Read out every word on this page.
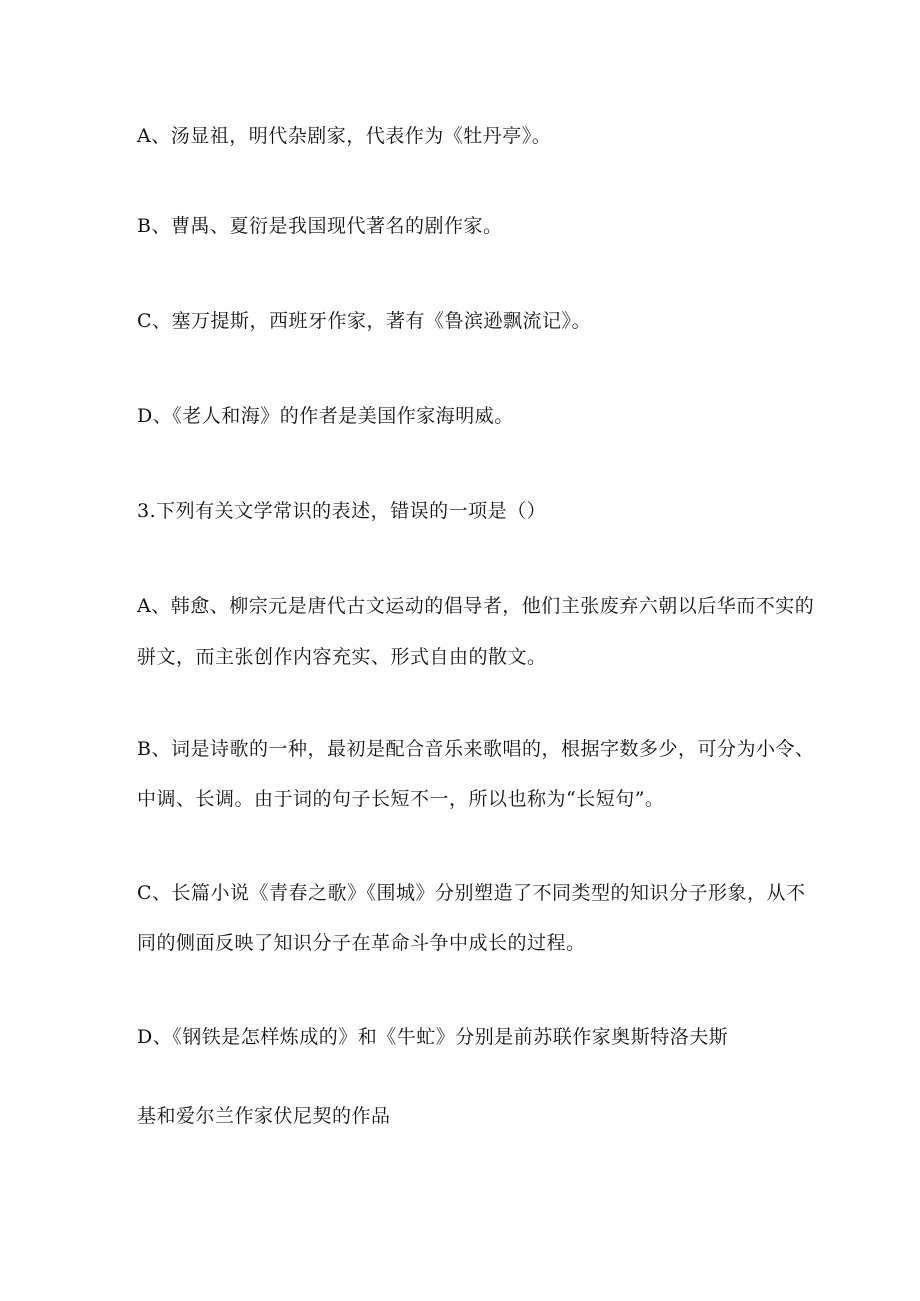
A、汤显祖，明代杂剧家，代表作为《牡丹亭》。
B、曹禺、夏衍是我国现代著名的剧作家。
C、塞万提斯，西班牙作家，著有《鲁滨逊飘流记》。
D、《老人和海》的作者是美国作家海明威。
3.下列有关文学常识的表述，错误的一项是（）
A、韩愈、柳宗元是唐代古文运动的倡导者，他们主张废弃六朝以后华而不实的
骈文，而主张创作内容充实、形式自由的散文。
B、词是诗歌的一种，最初是配合音乐来歌唱的，根据字数多少，可分为小令、
中调、长调。由于词的句子长短不一，所以也称为“长短句”。
C、长篇小说《青春之歌》《围城》分别塑造了不同类型的知识分子形象，从不
同的侧面反映了知识分子在革命斗争中成长的过程。
D、《钢铁是怎样炼成的》和《牛虻》分别是前苏联作家奥斯特洛夫斯
基和爱尔兰作家伏尼契的作品
